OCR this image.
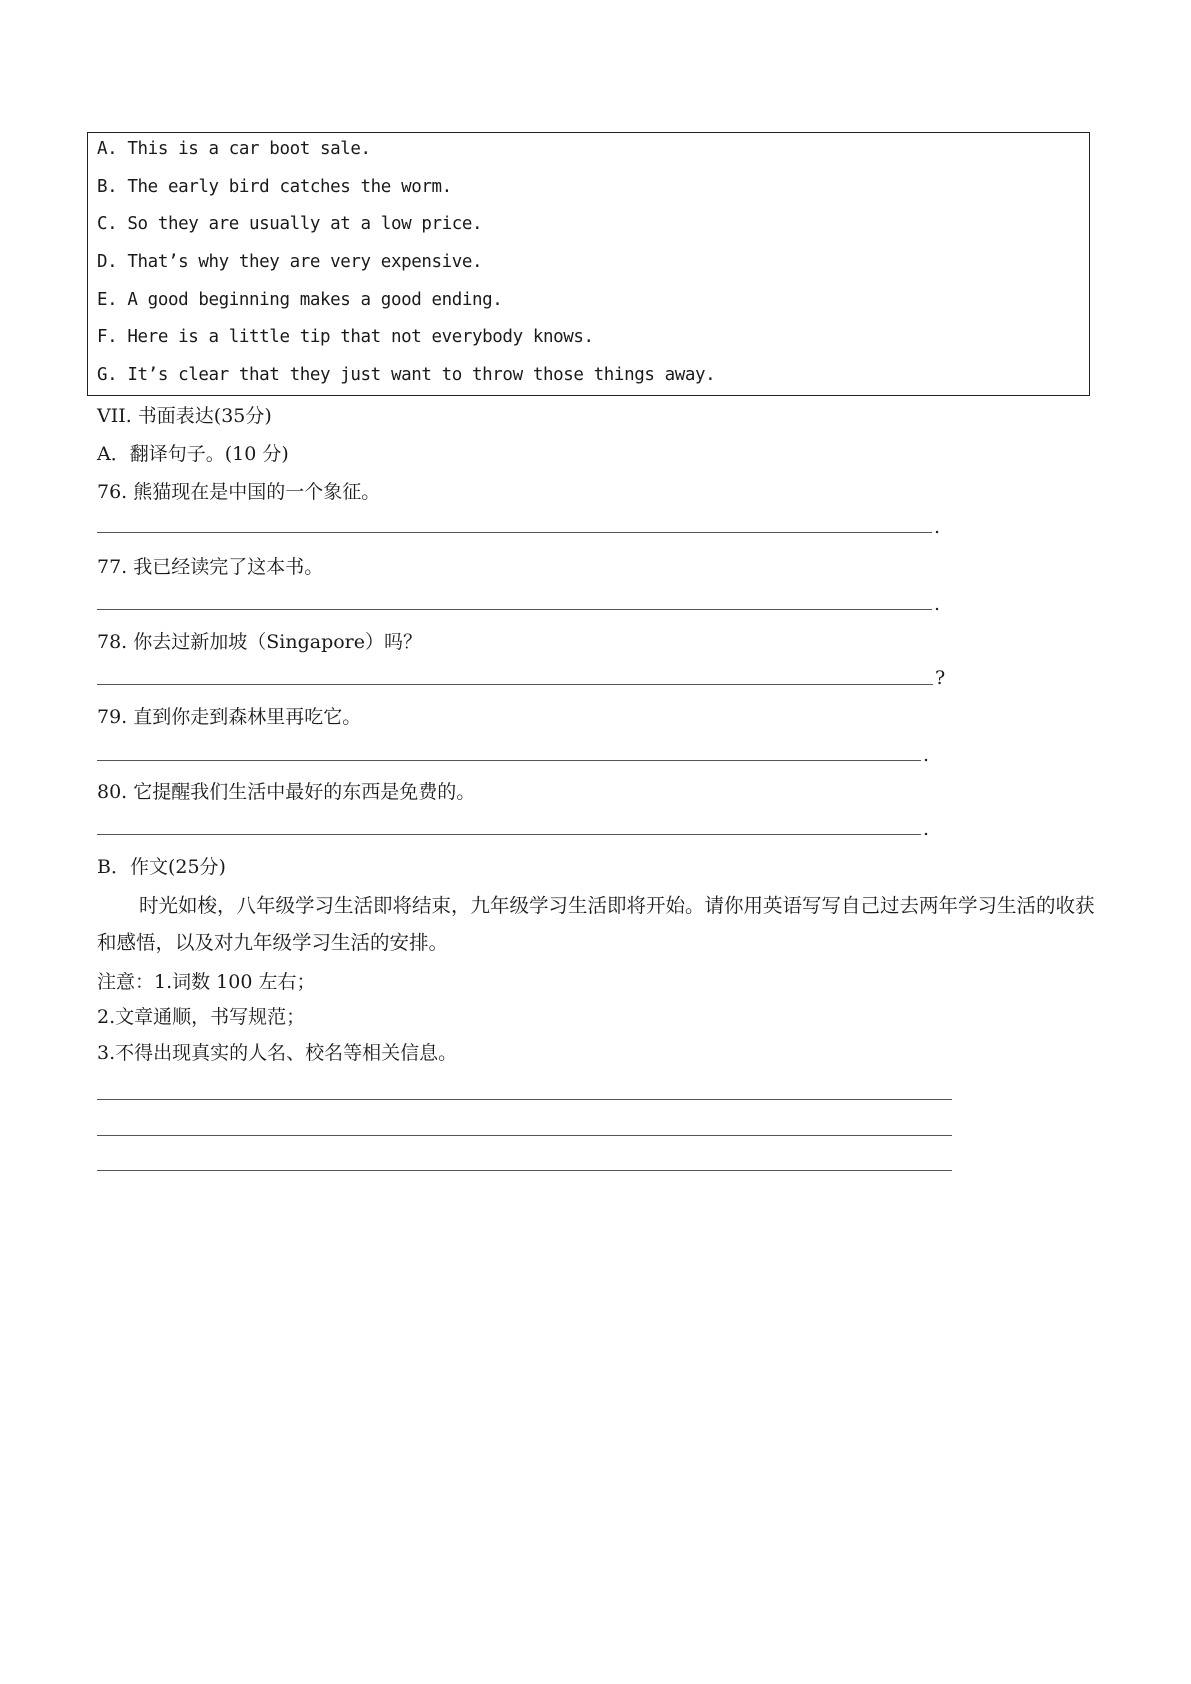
A. This is a car boot sale.
B. The early bird catches the worm.
C. So they are usually at a low price.
D. That’s why they are very expensive.
E. A good beginning makes a good ending.
F. Here is a little tip that not everybody knows.
G. It’s clear that they just want to throw those things away.
VII. 书面表达(35分)
A．翻译句子。(10 分)
76. 熊猫现在是中国的一个象征。
.
77. 我已经读完了这本书。
.
78. 你去过新加坡（Singapore）吗？
?
79. 直到你走到森林里再吃它。
.
80. 它提醒我们生活中最好的东西是免费的。
.
B．作文(25分)
时光如梭，八年级学习生活即将结束，九年级学习生活即将开始。请你用英语写写自己过去两年学习生活的收获和感悟，以及对九年级学习生活的安排。
注意：1.词数 100 左右；
2.文章通顺，书写规范；
3.不得出现真实的人名、校名等相关信息。
